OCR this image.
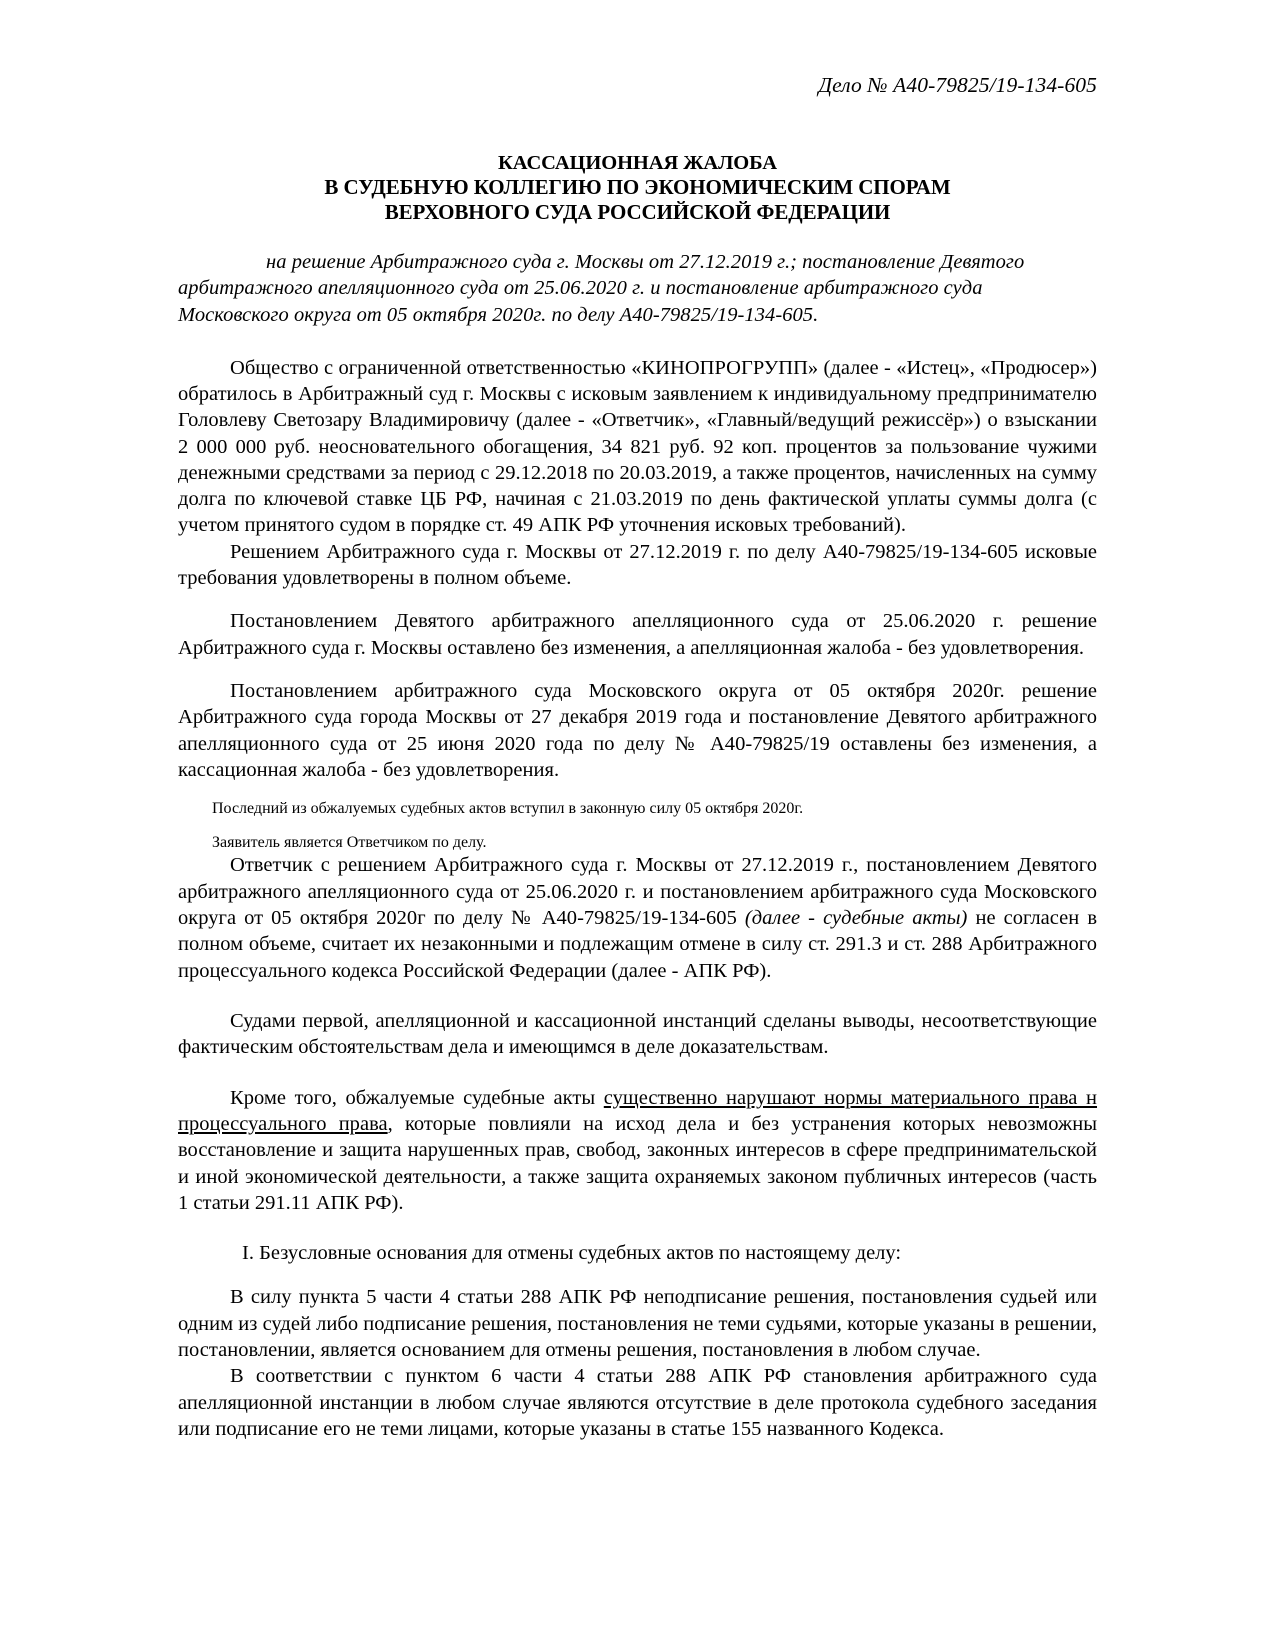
Дело № А40-79825/19-134-605
КАССАЦИОННАЯ ЖАЛОБА
В СУДЕБНУЮ КОЛЛЕГИЮ ПО ЭКОНОМИЧЕСКИМ СПОРАМ
ВЕРХОВНОГО СУДА РОССИЙСКОЙ ФЕДЕРАЦИИ
на решение Арбитражного суда г. Москвы от 27.12.2019 г.; постановление Девятого арбитражного апелляционного суда от 25.06.2020 г. и постановление арбитражного суда Московского округа от 05 октября 2020г. по делу А40-79825/19-134-605.

Общество с ограниченной ответственностью «КИНОПРОГРУПП» (далее - «Истец», «Продюсер») обратилось в Арбитражный суд г. Москвы с исковым заявлением к индивидуальному предпринимателю Головлеву Светозару Владимировичу (далее - «Ответчик», «Главный/ведущий режиссёр») о взыскании 2 000 000 руб. неосновательного обогащения, 34 821 руб. 92 коп. процентов за пользование чужими денежными средствами за период с 29.12.2018 по 20.03.2019, а также процентов, начисленных на сумму долга по ключевой ставке ЦБ РФ, начиная с 21.03.2019 по день фактической уплаты суммы долга (с учетом принятого судом в порядке ст. 49 АПК РФ уточнения исковых требований).

Решением Арбитражного суда г. Москвы от 27.12.2019 г. по делу А40-79825/19-134-605 исковые требования удовлетворены в полном объеме.

Постановлением Девятого арбитражного апелляционного суда от 25.06.2020 г. решение Арбитражного суда г. Москвы оставлено без изменения, а апелляционная жалоба - без удовлетворения.

Постановлением арбитражного суда Московского округа от 05 октября 2020г. решение Арбитражного суда города Москвы от 27 декабря 2019 года и постановление Девятого арбитражного апелляционного суда от 25 июня 2020 года по делу № А40-79825/19 оставлены без изменения, а кассационная жалоба - без удовлетворения.

Последний из обжалуемых судебных актов вступил в законную силу 05 октября 2020г.

Заявитель является Ответчиком по делу.

Ответчик с решением Арбитражного суда г. Москвы от 27.12.2019 г., постановлением Девятого арбитражного апелляционного суда от 25.06.2020 г. и постановлением арбитражного суда Московского округа от 05 октября 2020г по делу № А40-79825/19-134-605 (далее - судебные акты) не согласен в полном объеме, считает их незаконными и подлежащим отмене в силу ст. 291.3 и ст. 288 Арбитражного процессуального кодекса Российской Федерации (далее - АПК РФ).

Судами первой, апелляционной и кассационной инстанций сделаны выводы, несоответствующие фактическим обстоятельствам дела и имеющимся в деле доказательствам.

Кроме того, обжалуемые судебные акты существенно нарушают нормы материального права н процессуального права, которые повлияли на исход дела и без устранения которых невозможны восстановление и защита нарушенных прав, свобод, законных интересов в сфере предпринимательской и иной экономической деятельности, а также защита охраняемых законом публичных интересов (часть 1 статьи 291.11 АПК РФ).

I. Безусловные основания для отмены судебных актов по настоящему делу:

В силу пункта 5 части 4 статьи 288 АПК РФ неподписание решения, постановления судьей или одним из судей либо подписание решения, постановления не теми судьями, которые указаны в решении, постановлении, является основанием для отмены решения, постановления в любом случае.

В соответствии с пунктом 6 части 4 статьи 288 АПК РФ становления арбитражного суда апелляционной инстанции в любом случае являются отсутствие в деле протокола судебного заседания или подписание его не теми лицами, которые указаны в статье 155 названного Кодекса.
